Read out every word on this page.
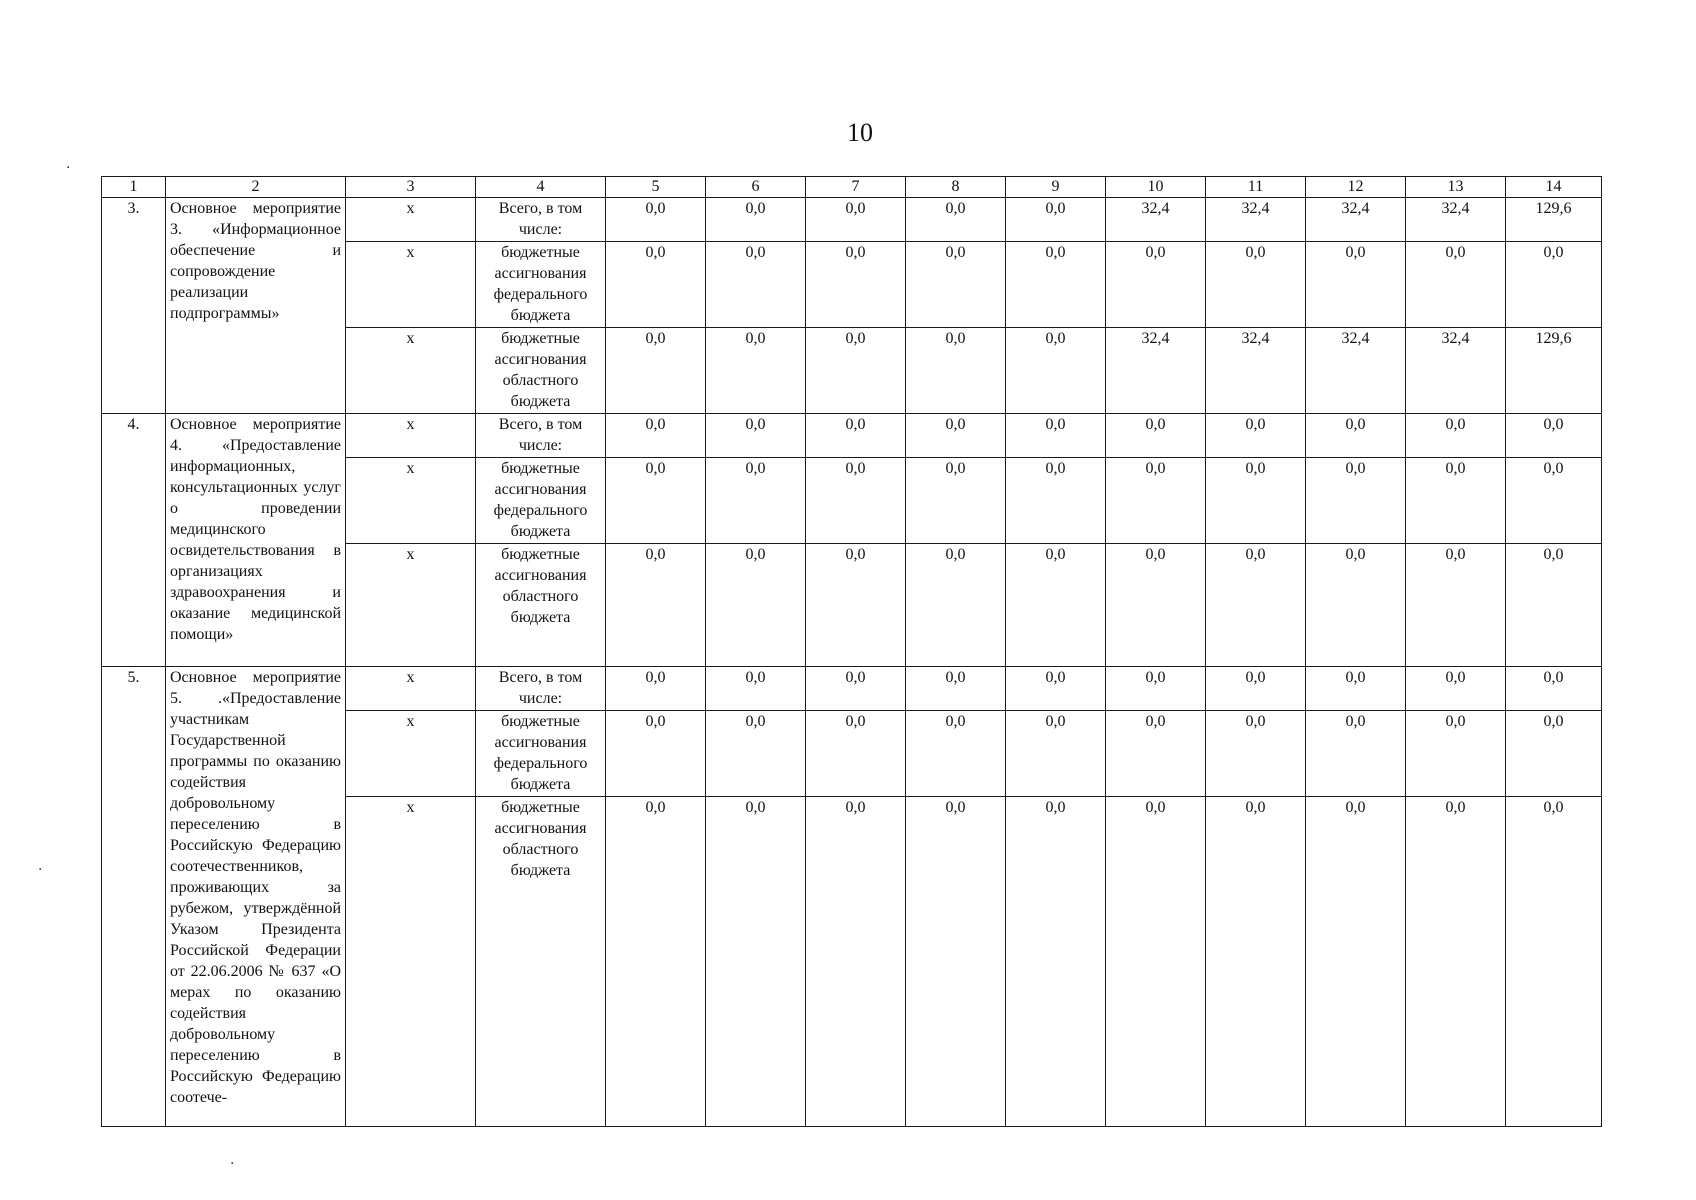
10
1	2	3	4	5	6	7	8	9	10	11	12	13	14
3.	Основное мероприятие 3. «Информационное обеспечение и сопровождение реализации подпрограммы»	х	Всего, в том числе:	0,0	0,0	0,0	0,0	0,0	32,4	32,4	32,4	32,4	129,6
		х	бюджетные ассигнования федерального бюджета	0,0	0,0	0,0	0,0	0,0	0,0	0,0	0,0	0,0	0,0
		х	бюджетные ассигнования областного бюджета	0,0	0,0	0,0	0,0	0,0	32,4	32,4	32,4	32,4	129,6
4.	Основное мероприятие 4. «Предоставление информационных, консультационных услуг о проведении медицинского освидетельствования в организациях здравоохранения и оказание медицинской помощи»	х	Всего, в том числе:	0,0	0,0	0,0	0,0	0,0	0,0	0,0	0,0	0,0	0,0
		х	бюджетные ассигнования федерального бюджета	0,0	0,0	0,0	0,0	0,0	0,0	0,0	0,0	0,0	0,0
		х	бюджетные ассигнования областного бюджета	0,0	0,0	0,0	0,0	0,0	0,0	0,0	0,0	0,0	0,0
5.	Основное мероприятие 5. .«Предоставление участникам Государственной программы по оказанию содействия добровольному переселению в Российскую Федерацию соотечественников, проживающих за рубежом, утверждённой Указом Президента Российской Федерации от 22.06.2006 № 637 «О мерах по оказанию содействия добровольному переселению в Российскую Федерацию соотече-	х	Всего, в том числе:	0,0	0,0	0,0	0,0	0,0	0,0	0,0	0,0	0,0	0,0
		х	бюджетные ассигнования федерального бюджета	0,0	0,0	0,0	0,0	0,0	0,0	0,0	0,0	0,0	0,0
		х	бюджетные ассигнования областного бюджета	0,0	0,0	0,0	0,0	0,0	0,0	0,0	0,0	0,0	0,0
·
·
·
